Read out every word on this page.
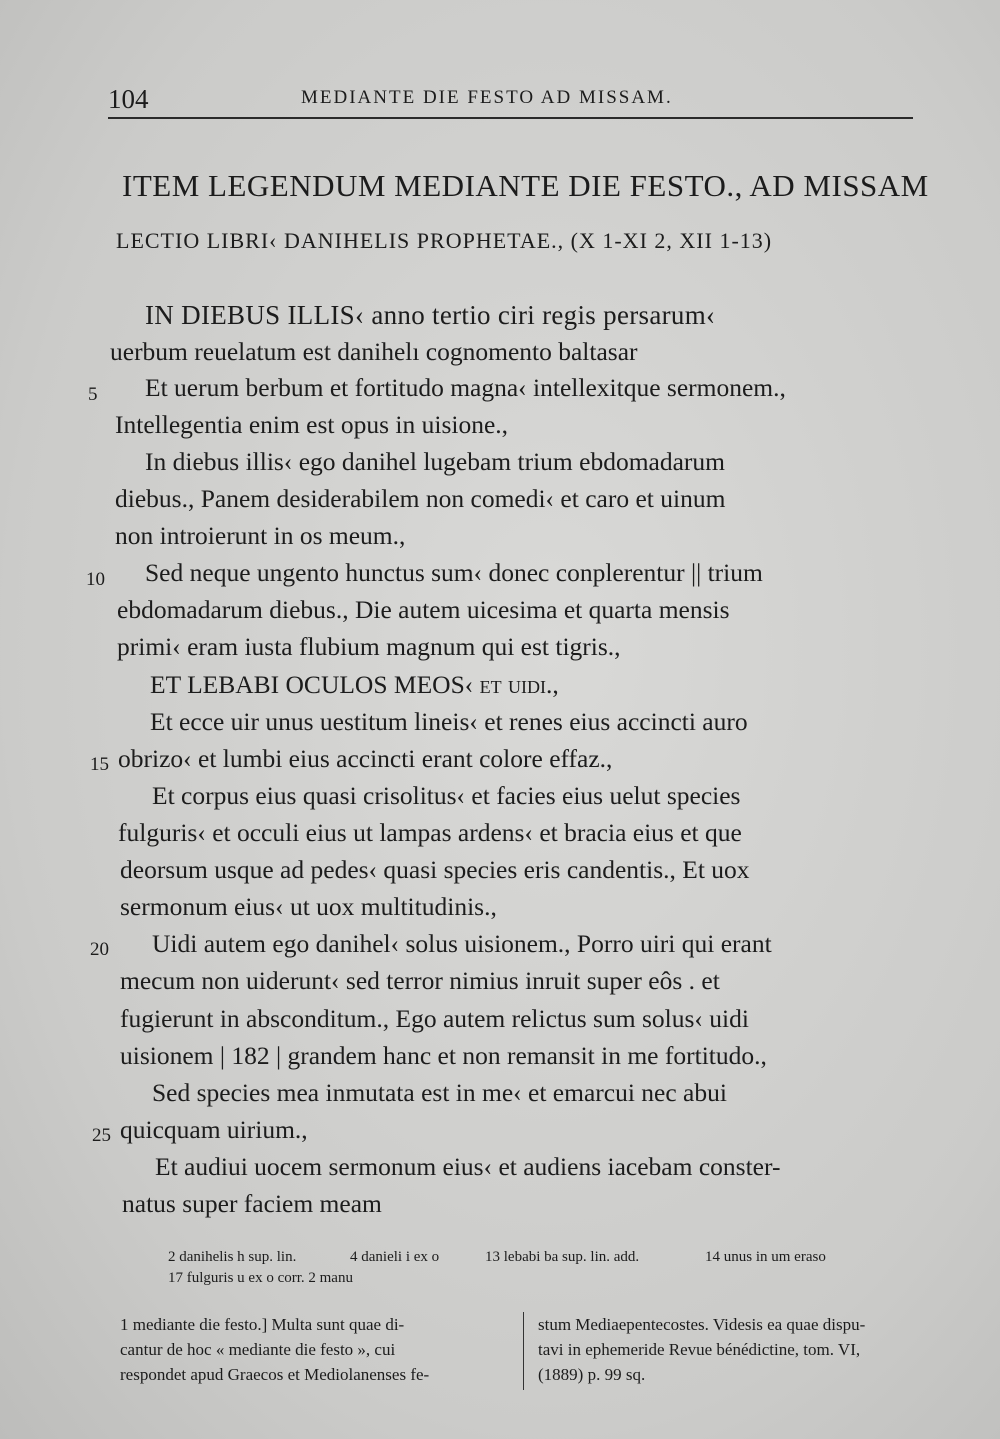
104	MEDIANTE DIE FESTO AD MISSAM.
ITEM LEGENDUM MEDIANTE DIE FESTO., AD MISSAM
LECTIO LIBRI‹ DANIHELIS PROPHETAE., (X 1-XI 2, XII 1-13)
IN DIEBUS ILLIS‹ anno tertio ciri regis persarum‹
uerbum reuelatum est danihelı cognomento baltasar
Et uerum berbum et fortitudo magna‹ intellexitque sermonem.,
Intellegentia enim est opus in uisione.,
In diebus illis‹ ego danihel lugebam trium ebdomadarum
diebus., Panem desiderabilem non comedi‹ et caro et uinum
non introierunt in os meum.,
Sed neque ungento hunctus sum‹ donec conplerentur || trium
ebdomadarum diebus., Die autem uicesima et quarta mensis
primi‹ eram iusta flubium magnum qui est tigris.,
ET LEBABI OCULOS MEOS‹ et uidi.,
Et ecce uir unus uestitum lineis‹ et renes eius accincti auro
obrizo‹ et lumbi eius accincti erant colore effaz.,
Et corpus eius quasi crisolitus‹ et facies eius uelut species
fulguris‹ et occuli eius ut lampas ardens‹ et bracia eius et que
deorsum usque ad pedes‹ quasi species eris candentis., Et uox
sermonum eius‹ ut uox multitudinis.,
Uidi autem ego danihel‹ solus uisionem., Porro uiri qui erant
mecum non uiderunt‹ sed terror nimius inruit super eôs . et
fugierunt in absconditum., Ego autem relictus sum solus‹ uidi
uisionem | 182 | grandem hanc et non remansit in me fortitudo.,
Sed species mea inmutata est in me‹ et emarcui nec abui
quicquam uirium.,
Et audiui uocem sermonum eius‹ et audiens iacebam conster-
natus super faciem meam
5
10
15
20
25
2 danihelis h sup. lin.	4 danieli i ex o	13 lebabi ba sup. lin. add.	14 unus in um eraso
17 fulguris u ex o corr. 2 manu
1 mediante die festo.] Multa sunt quae di-
cantur de hoc « mediante die festo », cui
respondet apud Graecos et Mediolanenses fe-
stum Mediaepentecostes. Videsis ea quae dispu-
tavi in ephemeride Revue bénédictine, tom. VI,
(1889) p. 99 sq.
